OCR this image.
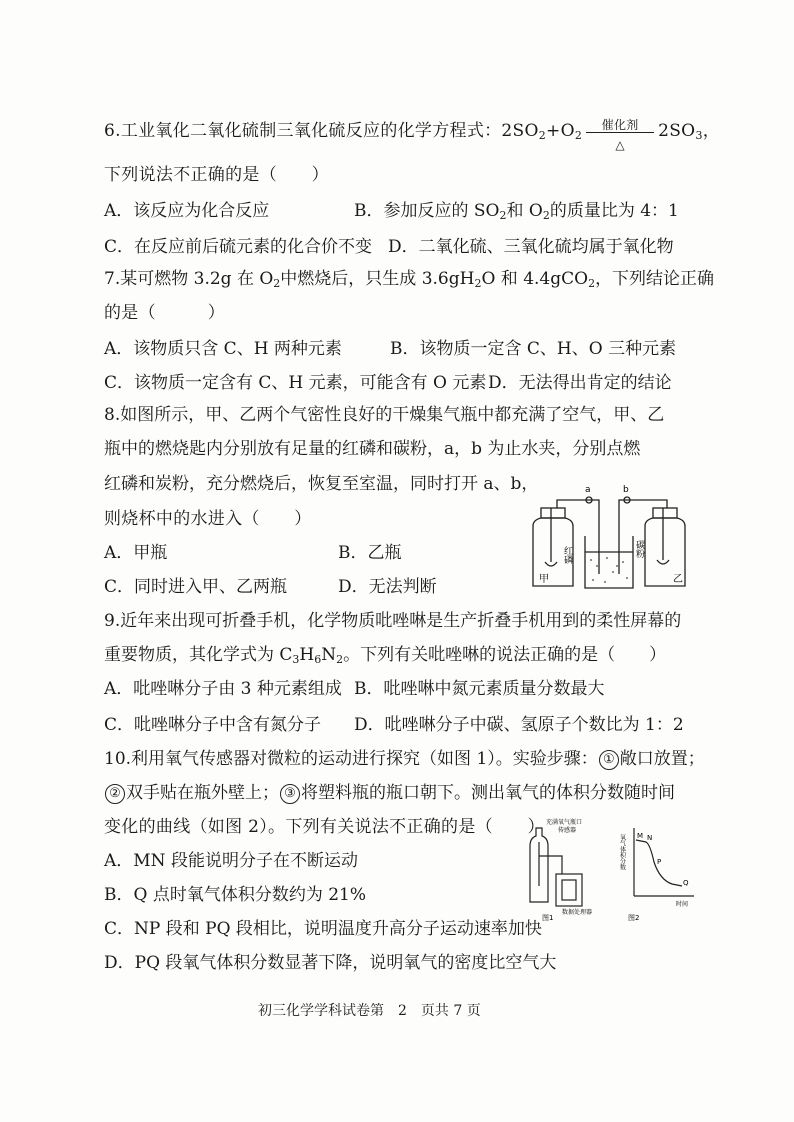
6.工业氧化二氧化硫制三氧化硫反应的化学方程式：$2SO_2+O_2$
催化剂
△
$2SO_3$，
下列说法不正确的是（　　）
A．该反应为化合反应	B．参加反应的 $SO_2$和 $O_2$的质量比为 4：1
C．在反应前后硫元素的化合价不变 D．二氧化硫、三氧化硫均属于氧化物
7.某可燃物 3.2g 在 $O_2$中燃烧后，只生成 $3.6gH_2O$ 和 4.4gCO$_2$，下列结论正确
的是（　　　）
A．该物质只含 C、H 两种元素	B．该物质一定含 C、H、O 三种元素
C．该物质一定含有 C、H 元素，可能含有 O 元素 D．无法得出肯定的结论
8.如图所示，甲、乙两个气密性良好的干燥集气瓶中都充满了空气，甲、乙
瓶中的燃烧匙内分别放有足量的红磷和碳粉，a，b 为止水夹，分别点燃
红磷和炭粉，充分燃烧后，恢复至室温，同时打开 a、b，
则烧杯中的水进入（　　）
A．甲瓶	B．乙瓶
C．同时进入甲、乙两瓶	D．无法判断
a	b
红磷	碳粉
甲	乙
9.近年来出现可折叠手机，化学物质吡唑啉是生产折叠手机用到的柔性屏幕的
重要物质，其化学式为 $C_3H_6N_2$。下列有关吡唑啉的说法正确的是（　　）
A．吡唑啉分子由 3 种元素组成 B．吡唑啉中氮元素质量分数最大
C．吡唑啉分子中含有氮分子 D．吡唑啉分子中碳、氢原子个数比为 1：2
10.利用氧气传感器对微粒的运动进行探究（如图 1）。实验步骤： ① 敞口放置；
② 双手贴在瓶外壁上； ③ 将塑料瓶的瓶口朝下。测出氧气的体积分数随时间
变化的曲线（如图 2）。下列有关说法不正确的是（　　）
A．MN 段能说明分子在不断运动
B．Q 点时氧气体积分数约为 21%
C．NP 段和 PQ 段相比，说明温度升高分子运动速率加快
D．PQ 段氧气体积分数显著下降，说明氧气的密度比空气大
充满氧气瓶口
传感器
数据处理器
图1
氧气体积分数
时间
M N
P
Q
图2
初三化学学科试卷第　2　页共 7 页
